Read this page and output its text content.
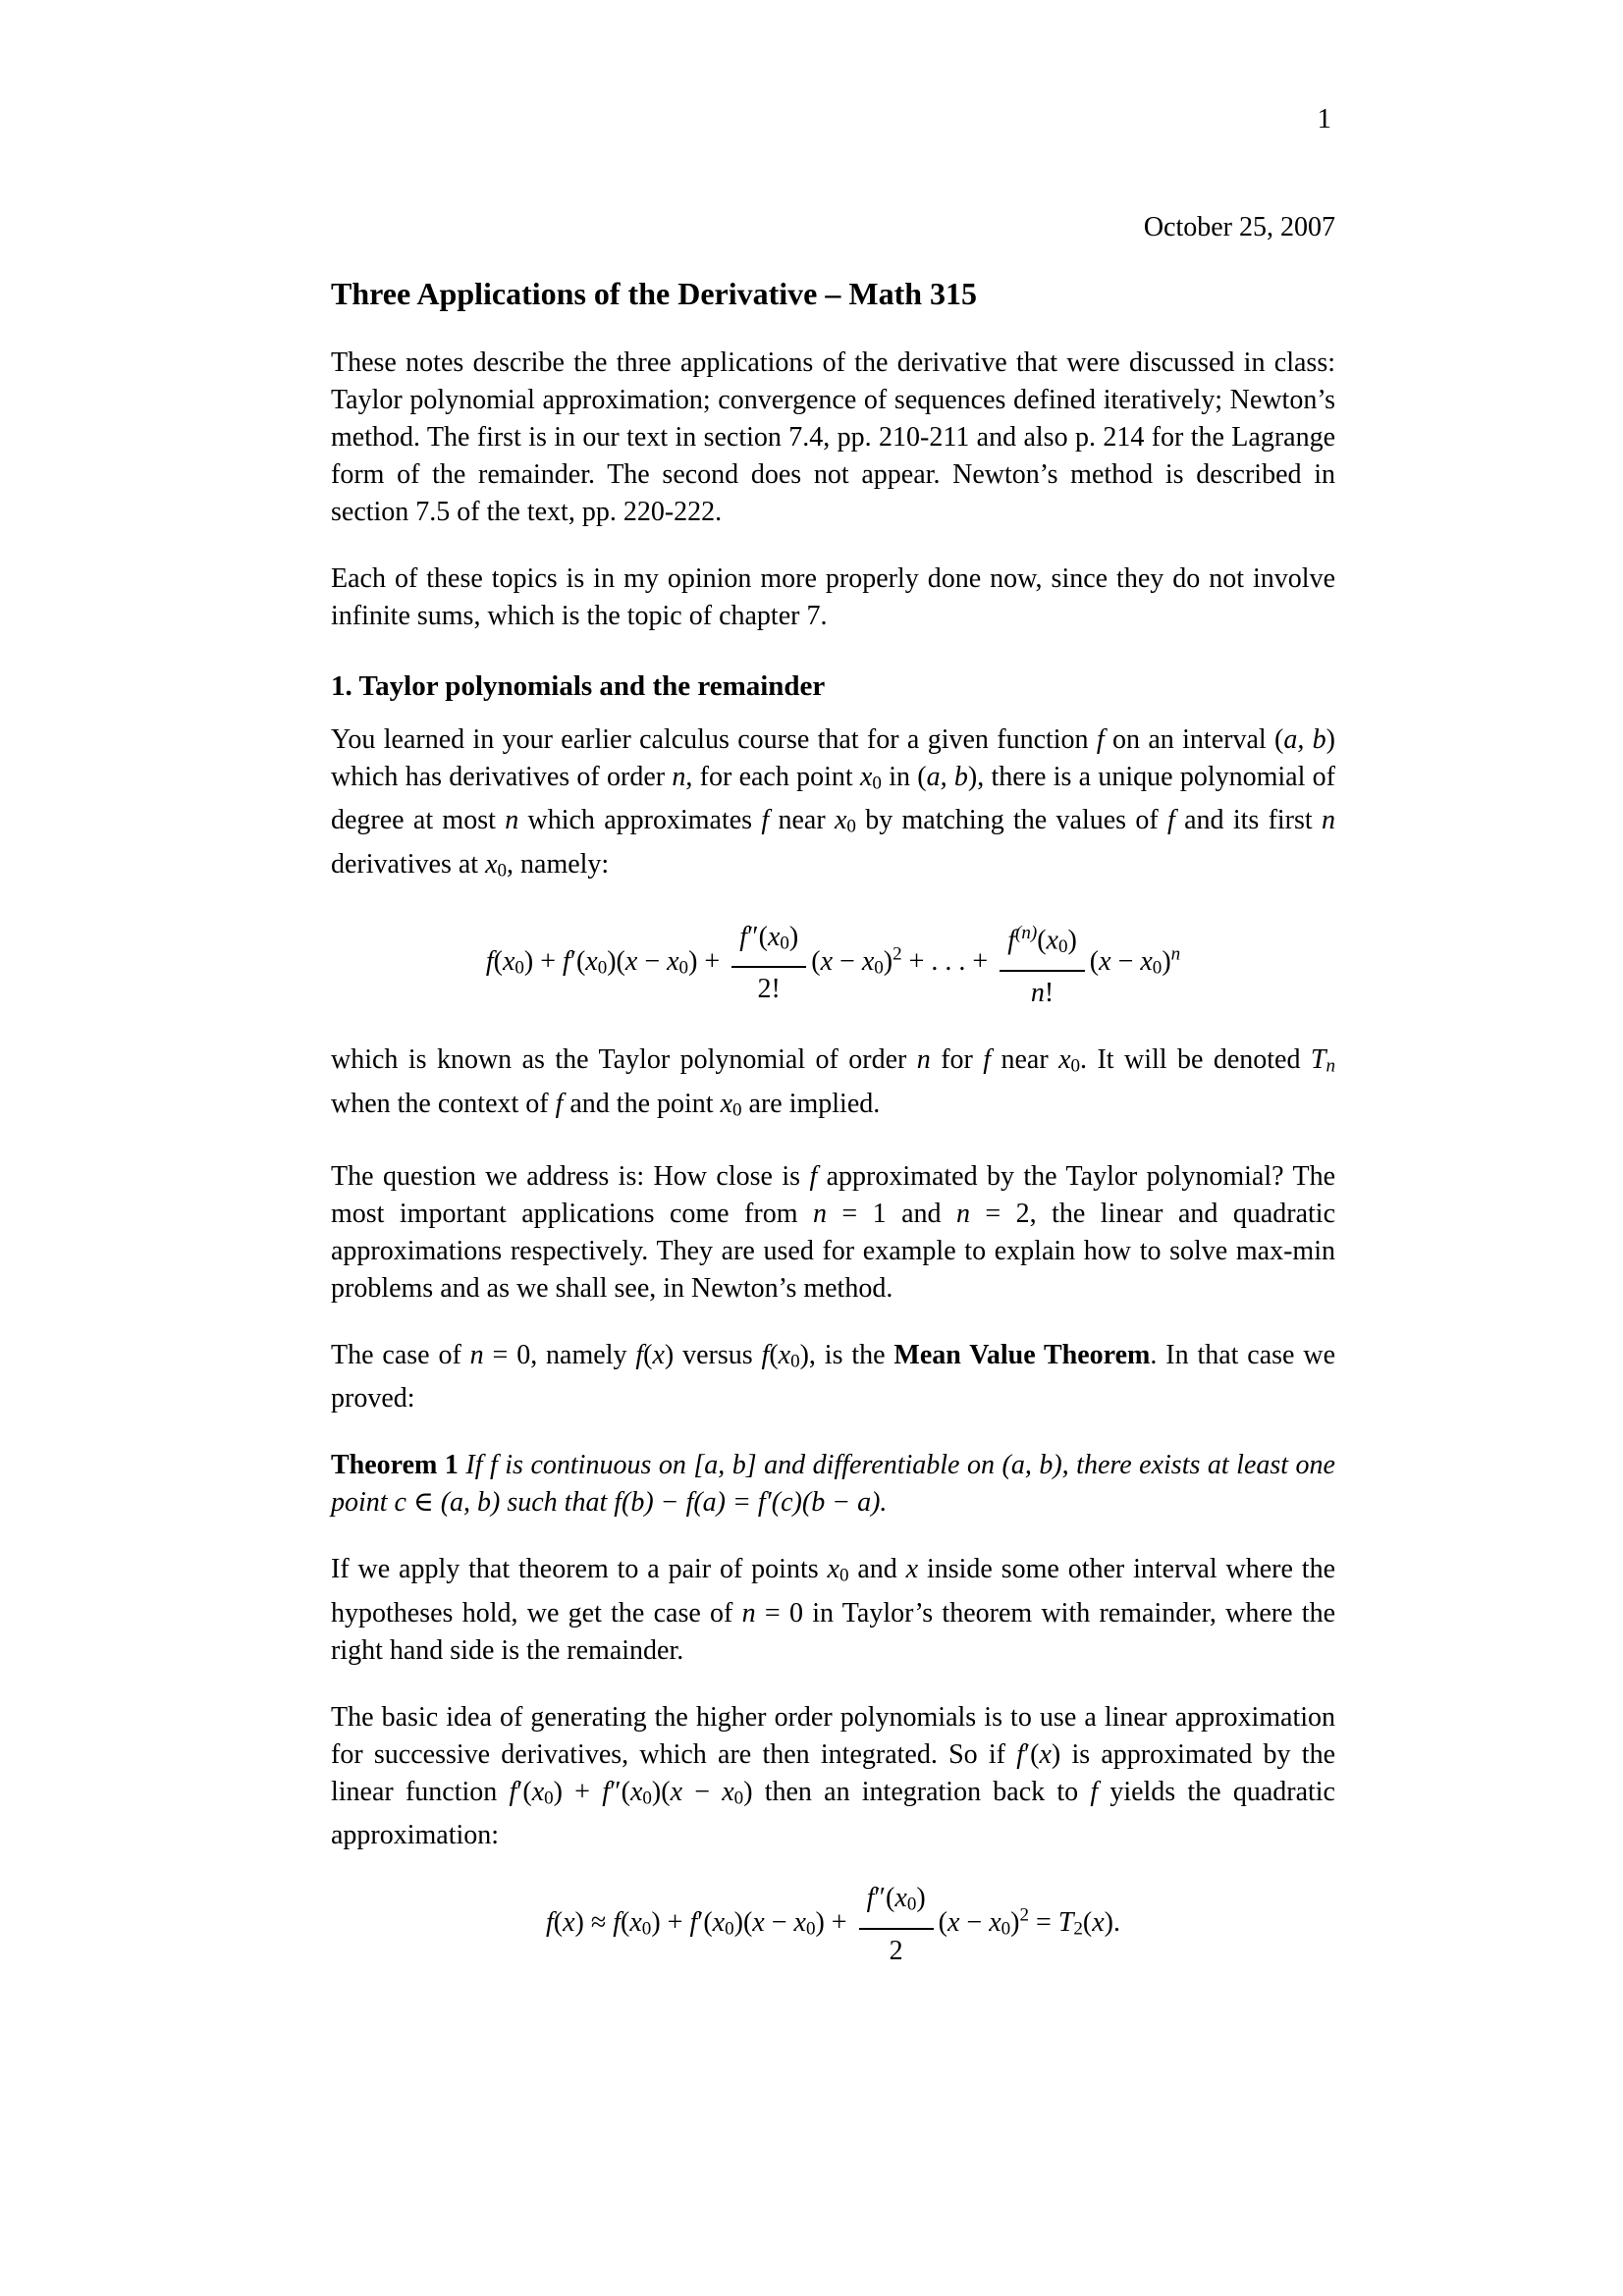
1

October 25, 2007

Three Applications of the Derivative – Math 315

These notes describe the three applications of the derivative that were discussed in class: Taylor polynomial approximation; convergence of sequences defined iteratively; Newton’s method. The first is in our text in section 7.4, pp. 210-211 and also p. 214 for the Lagrange form of the remainder. The second does not appear. Newton’s method is described in section 7.5 of the text, pp. 220-222.

Each of these topics is in my opinion more properly done now, since they do not involve infinite sums, which is the topic of chapter 7.

1. Taylor polynomials and the remainder

You learned in your earlier calculus course that for a given function f on an interval (a, b) which has derivatives of order n, for each point x0 in (a, b), there is a unique polynomial of degree at most n which approximates f near x0 by matching the values of f and its first n derivatives at x0, namely:

$f(x0) + f'(x0)(x - x0) + \frac{f''(x0)}{2!} (x - x0)^2$ + . . . + $\frac{f^{(n)}(x0)}{n!} (x - x0)^n$

which is known as the Taylor polynomial of order n for f near x0. It will be denoted Tn when the context of f and the point x0 are implied.

The question we address is: How close is f approximated by the Taylor polynomial? The most important applications come from n = 1 and n = 2, the linear and quadratic approximations respectively. They are used for example to explain how to solve max-min problems and as we shall see, in Newton’s method.

The case of n = 0, namely f(x) versus f(x0), is the Mean Value Theorem. In that case we proved:

Theorem 1 If f is continuous on [a, b] and differentiable on (a, b), there exists at least one point c ∈ (a, b) such that f(b) − f(a) = f′(c)(b − a).

If we apply that theorem to a pair of points x0 and x inside some other interval where the hypotheses hold, we get the case of n = 0 in Taylor’s theorem with remainder, where the right hand side is the remainder.

The basic idea of generating the higher order polynomials is to use a linear approximation for successive derivatives, which are then integrated. So if f′(x) is approximated by the linear function f′(x0) + f″(x0)(x − x0) then an integration back to f yields the quadratic approximation:

$f(x) \approx f(x0) + f'(x0)(x - x0) + \frac{f''(x0)}{2} (x - x0)^2 = T2(x)$.
